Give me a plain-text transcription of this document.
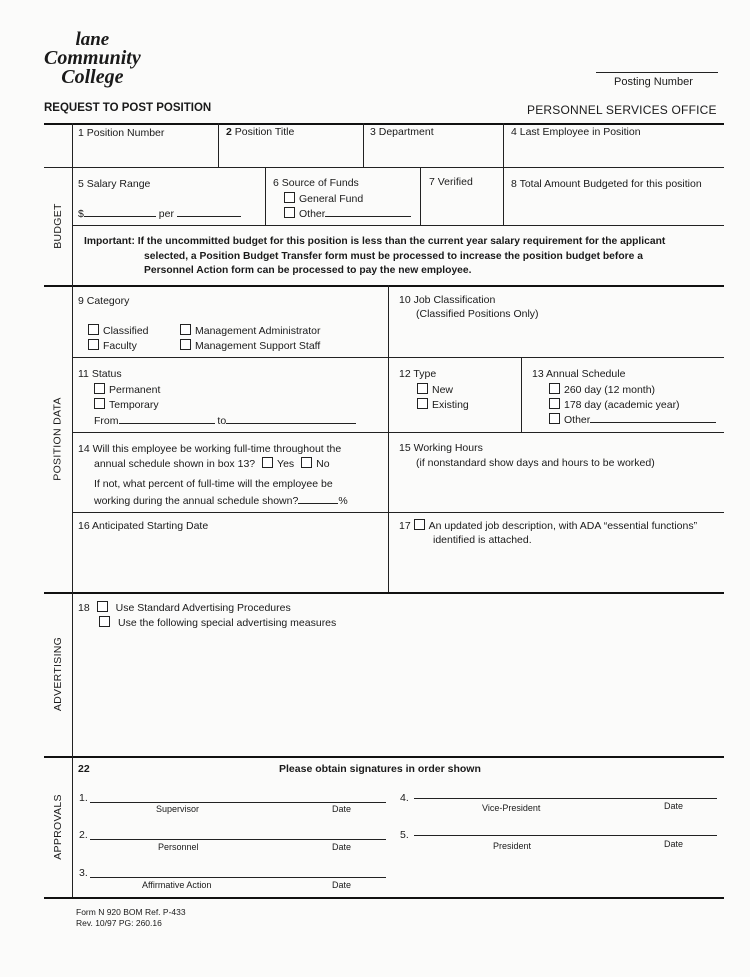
lane
Community
College	Posting Number
REQUEST TO POST POSITION	PERSONNEL SERVICES OFFICE
BUDGET
POSITION DATA
ADVERTISING
APPROVALS
1 Position Number	2 Position Title	3 Department	4 Last Employee in Position
5 Salary Range
$	per
6 Source of Funds
General Fund
Other
7 Verified	8 Total Amount Budgeted for this position
Important: If the uncommitted budget for this position is less than the current year salary requirement for the applicant
selected, a Position Budget Transfer form must be processed to increase the position budget before a
Personnel Action form can be processed to pay the new employee.
9 Category
Classified
Faculty
Management Administrator
Management Support Staff
10 Job Classification
(Classified Positions Only)
11 Status
Permanent
Temporary
From	to
12 Type
New
Existing
13 Annual Schedule
260 day (12 month)
178 day (academic year)
Other
14 Will this employee be working full-time throughout the
annual schedule shown in box 13? Yes No
If not, what percent of full-time will the employee be
working during the annual schedule shown?	%
15 Working Hours
(if nonstandard show days and hours to be worked)
16 Anticipated Starting Date	17 An updated job description, with ADA “essential functions”
identified is attached.
18 Use Standard Advertising Procedures
Use the following special advertising measures
22	Please obtain signatures in order shown
1.
Supervisor	Date
2.
Personnel	Date
3.
Affirmative Action	Date
4.
Vice-President	Date
5.
President	Date
Form N 920 BOM Ref. P-433
Rev. 10/97 PG: 260.16
